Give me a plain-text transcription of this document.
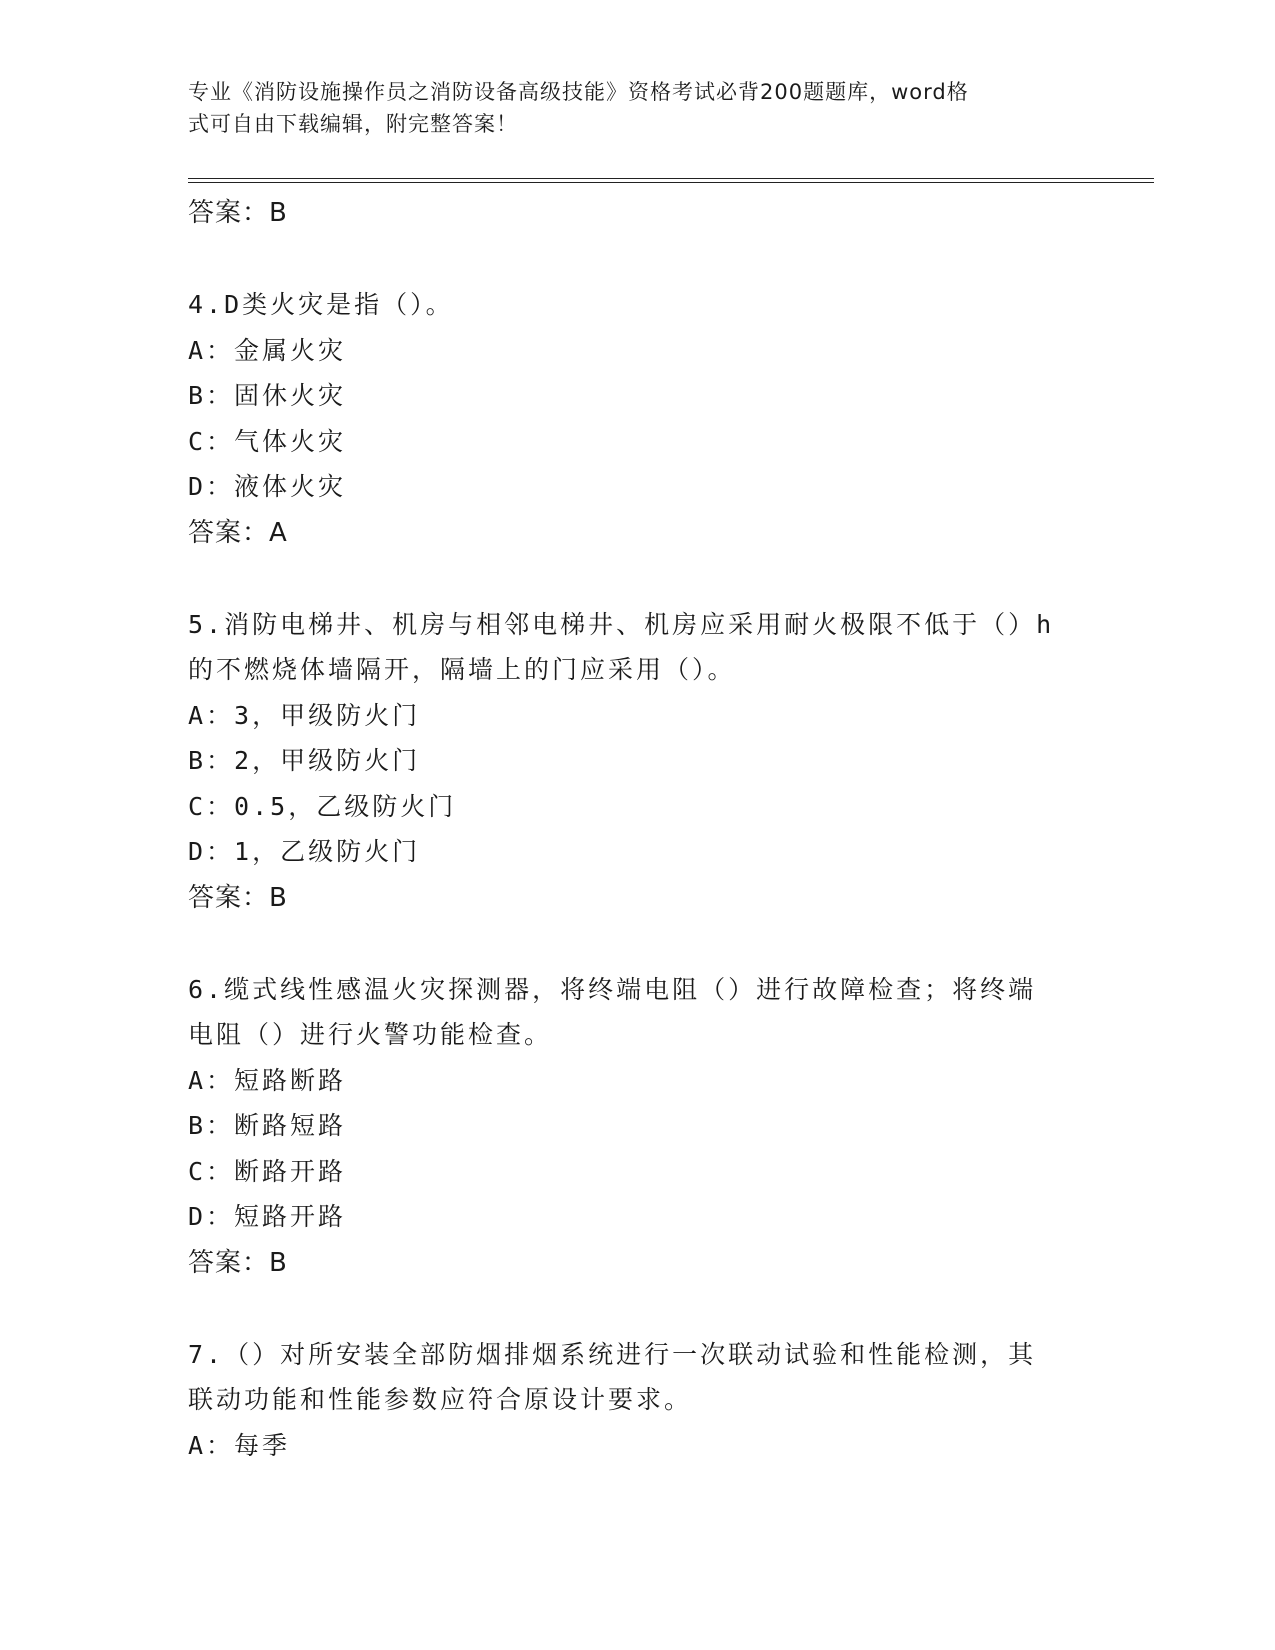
专业《消防设施操作员之消防设备高级技能》资格考试必背200题题库，word格
式可自由下载编辑，附完整答案！
答案：B
4.D类火灾是指（）。
A：金属火灾
B：固休火灾
C：气体火灾
D：液体火灾
答案：A
5.消防电梯井、机房与相邻电梯井、机房应采用耐火极限不低于（）h
的不燃烧体墙隔开，隔墙上的门应采用（）。
A：3，甲级防火门
B：2，甲级防火门
C：0.5，乙级防火门
D：1，乙级防火门
答案：B
6.缆式线性感温火灾探测器，将终端电阻（）进行故障检查；将终端
电阻（）进行火警功能检查。
A：短路断路
B：断路短路
C：断路开路
D：短路开路
答案：B
7.（）对所安装全部防烟排烟系统进行一次联动试验和性能检测，其
联动功能和性能参数应符合原设计要求。
A：每季
